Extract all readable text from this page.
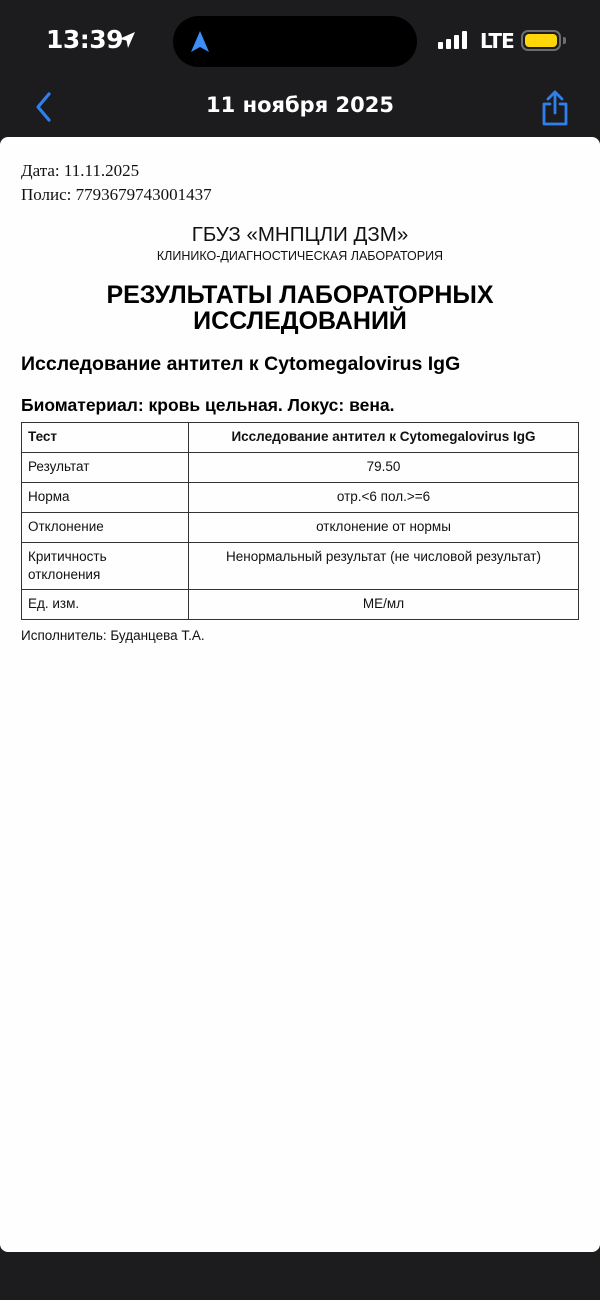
13:39	LTE
11 ноября 2025
Дата: 11.11.2025
Полис: 7793679743001437
ГБУЗ «МНПЦЛИ ДЗМ»
КЛИНИКО-ДИАГНОСТИЧЕСКАЯ ЛАБОРАТОРИЯ
РЕЗУЛЬТАТЫ ЛАБОРАТОРНЫХ
ИССЛЕДОВАНИЙ
Исследование антител к Cytomegalovirus IgG
Биоматериал: кровь цельная. Локус: вена.
Тест	Исследование антител к Cytomegalovirus IgG
Результат	79.50
Норма	отр.<6 пол.>=6
Отклонение	отклонение от нормы
Критичность отклонения	Ненормальный результат (не числовой результат)
Ед. изм.	МЕ/мл
Исполнитель: Буданцева Т.А.
